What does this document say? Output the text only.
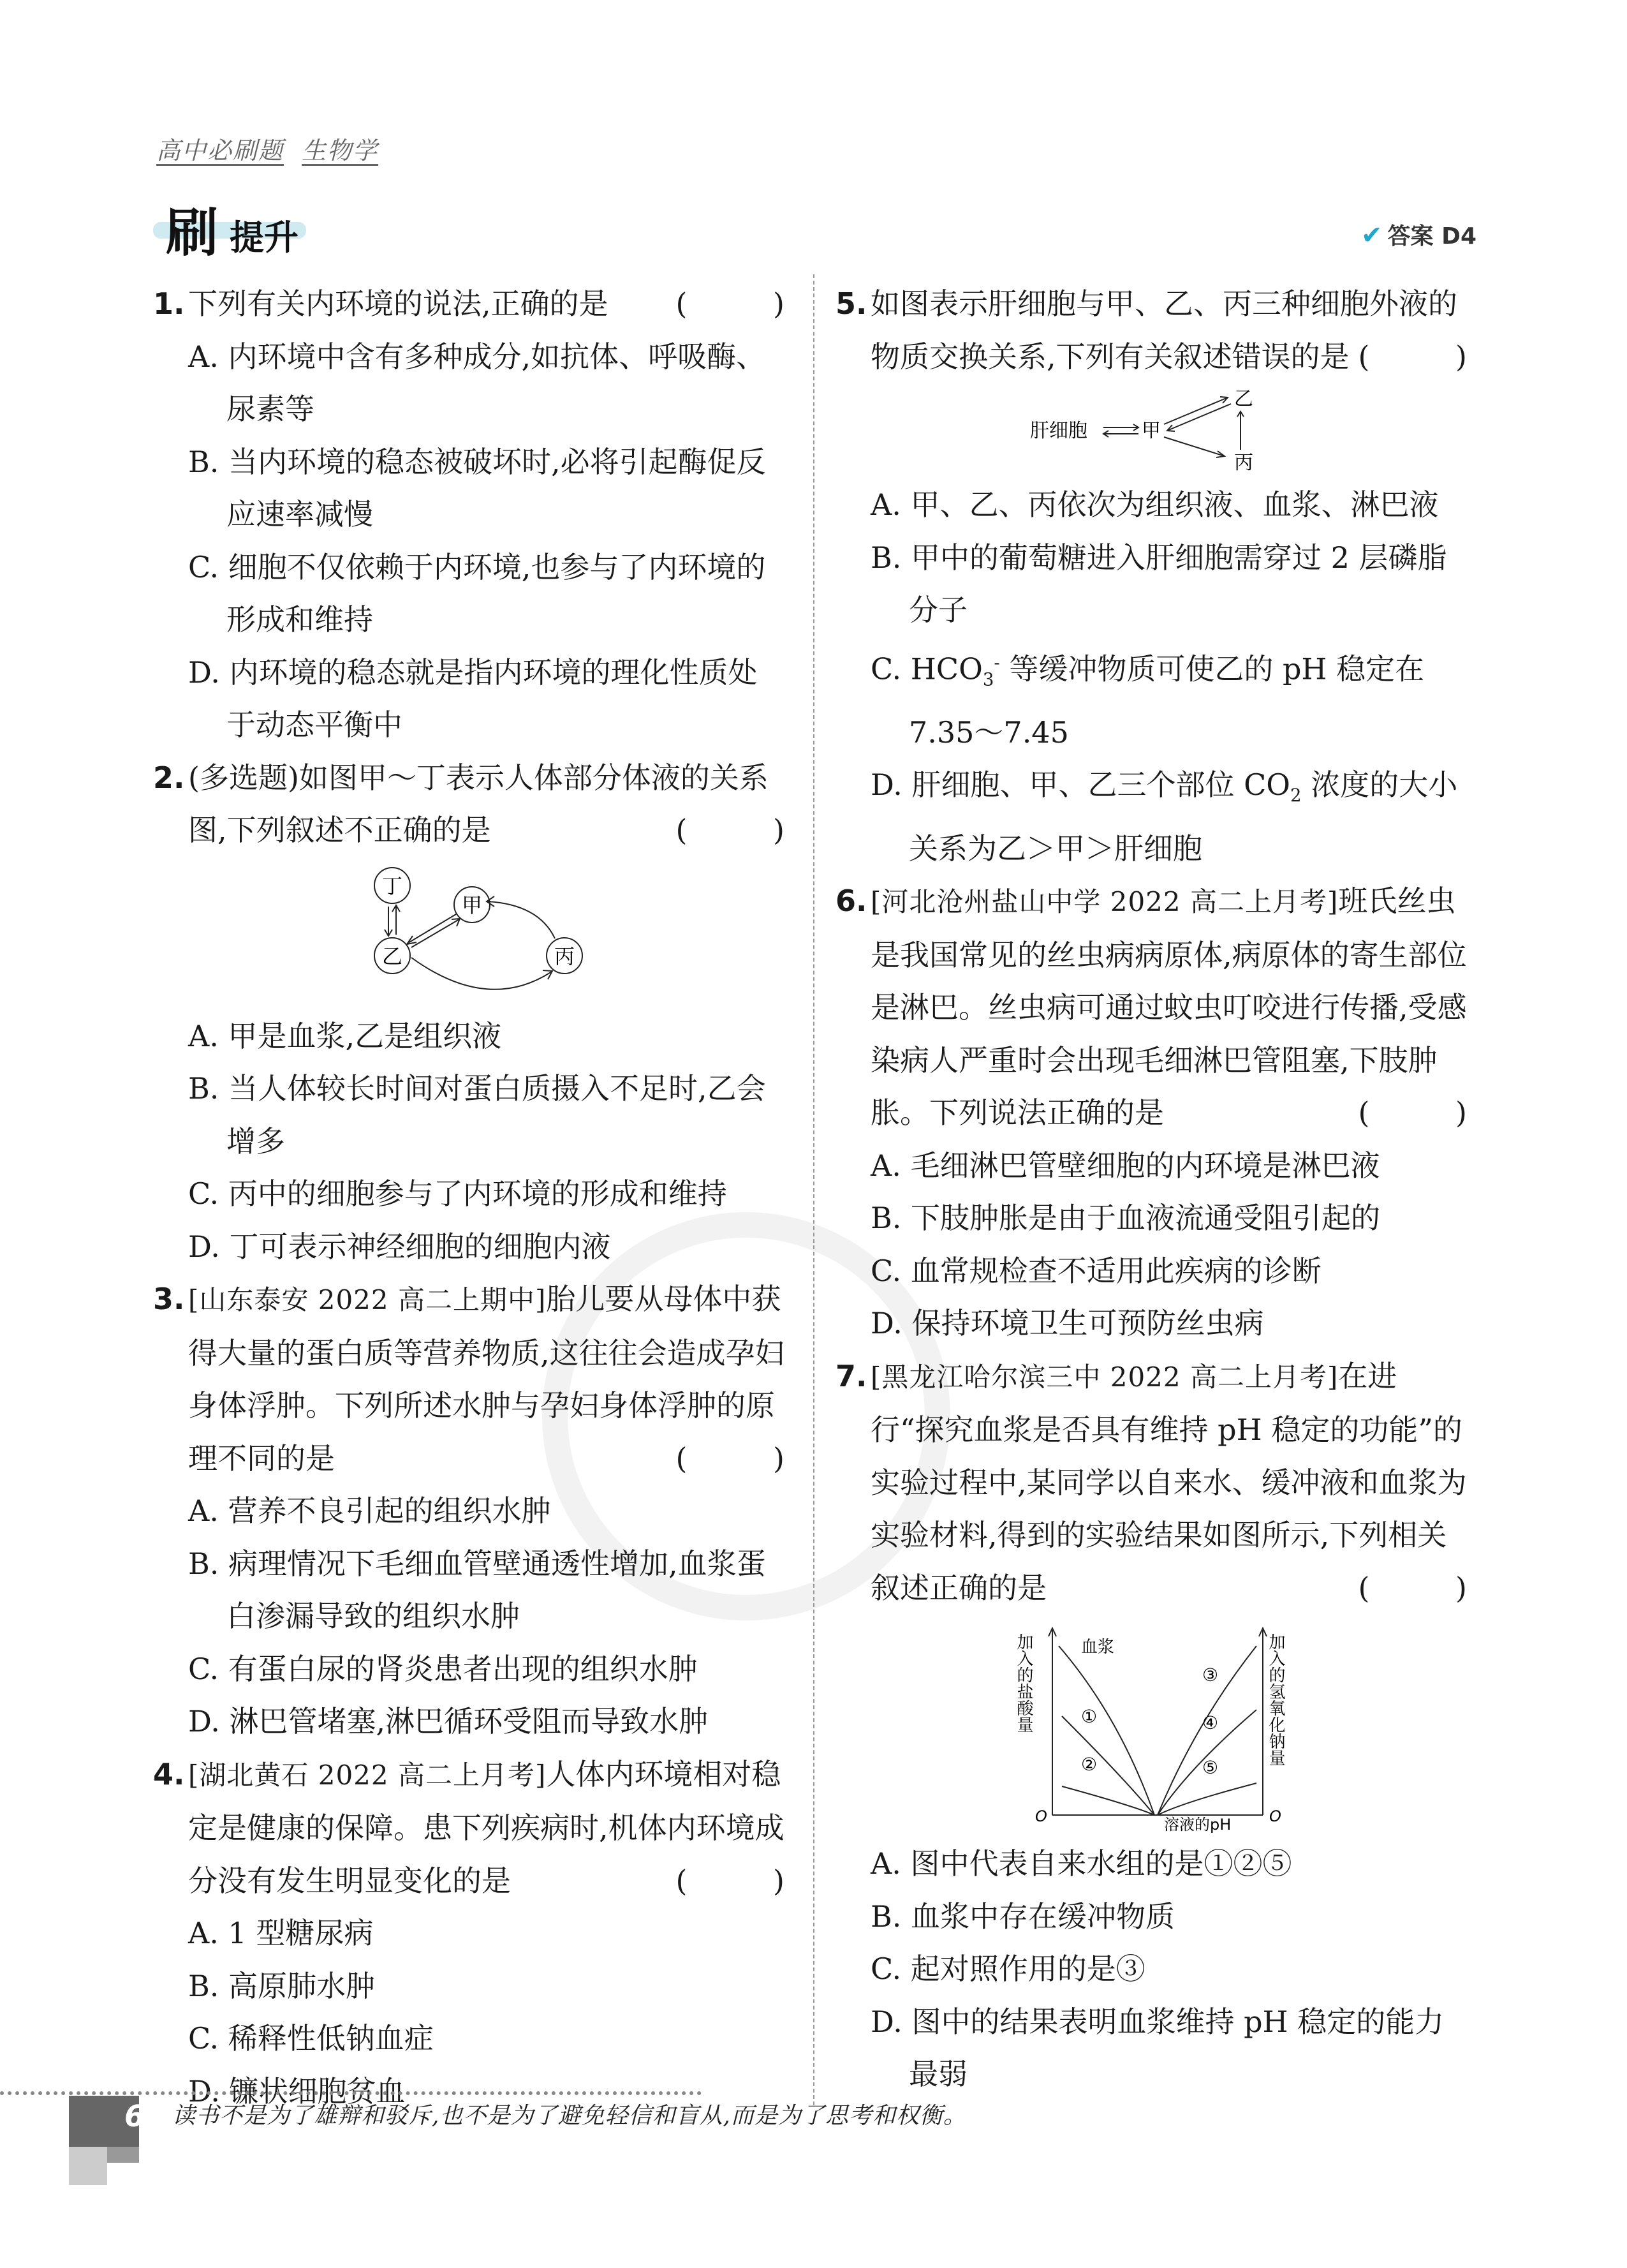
高中必刷题 生物学
刷 提升	✔ 答案 D4
1. 下列有关内环境的说法,正确的是 ( )
A. 内环境中含有多种成分,如抗体、呼吸酶、尿素等
B. 当内环境的稳态被破坏时,必将引起酶促反应速率减慢
C. 细胞不仅依赖于内环境,也参与了内环境的形成和维持
D. 内环境的稳态就是指内环境的理化性质处于动态平衡中
2. (多选题)如图甲～丁表示人体部分体液的关系图,下列叙述不正确的是	( )
丁
甲
乙	丙
A. 甲是血浆,乙是组织液
B. 当人体较长时间对蛋白质摄入不足时,乙会增多
C. 丙中的细胞参与了内环境的形成和维持
D. 丁可表示神经细胞的细胞内液
3. [山东泰安 2022 高二上期中]胎儿要从母体中获得大量的蛋白质等营养物质,这往往会造成孕妇身体浮肿。下列所述水肿与孕妇身体浮肿的原理不同的是	( )
A. 营养不良引起的组织水肿
B. 病理情况下毛细血管壁通透性增加,血浆蛋白渗漏导致的组织水肿
C. 有蛋白尿的肾炎患者出现的组织水肿
D. 淋巴管堵塞,淋巴循环受阻而导致水肿
4. [湖北黄石 2022 高二上月考]人体内环境相对稳定是健康的保障。患下列疾病时,机体内环境成分没有发生明显变化的是	( )
A. 1 型糖尿病
B. 高原肺水肿
C. 稀释性低钠血症
D. 镰状细胞贫血
5. 如图表示肝细胞与甲、乙、丙三种细胞外液的物质交换关系,下列有关叙述错误的是 ( )
肝细胞	甲
乙
丙
A. 甲、乙、丙依次为组织液、血浆、淋巴液
B. 甲中的葡萄糖进入肝细胞需穿过 2 层磷脂分子
C. $HCO_3^-$ 等缓冲物质可使乙的 pH 稳定在 7.35～7.45
D. 肝细胞、甲、乙三个部位 $CO_2$ 浓度的大小关系为乙＞甲＞肝细胞
6. [河北沧州盐山中学 2022 高二上月考]班氏丝虫是我国常见的丝虫病病原体,病原体的寄生部位是淋巴。丝虫病可通过蚊虫叮咬进行传播,受感染病人严重时会出现毛细淋巴管阻塞,下肢肿胀。下列说法正确的是	( )
A. 毛细淋巴管壁细胞的内环境是淋巴液
B. 下肢肿胀是由于血液流通受阻引起的
C. 血常规检查不适用此疾病的诊断
D. 保持环境卫生可预防丝虫病
7. [黑龙江哈尔滨三中 2022 高二上月考]在进行“探究血浆是否具有维持 pH 稳定的功能”的实验过程中,某同学以自来水、缓冲液和血浆为实验材料,得到的实验结果如图所示,下列相关叙述正确的是	( )
加入的盐酸量	加入的氢氧化钠量
血浆
①
②
③
④
⑤
溶液的pH
O	O
A. 图中代表自来水组的是①②⑤
B. 血浆中存在缓冲物质
C. 起对照作用的是③
D. 图中的结果表明血浆维持 pH 稳定的能力最弱
6 读书不是为了雄辩和驳斥,也不是为了避免轻信和盲从,而是为了思考和权衡。
